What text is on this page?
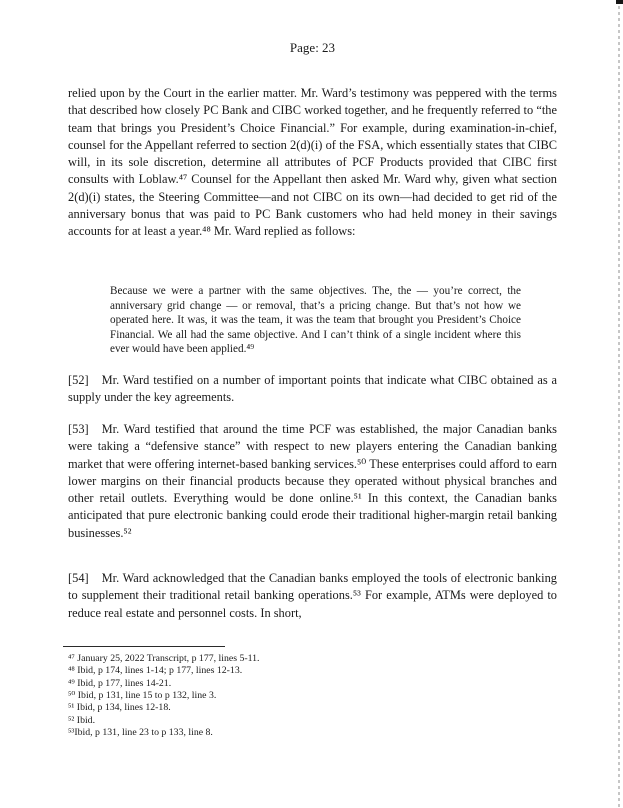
Page: 23
relied upon by the Court in the earlier matter. Mr. Ward’s testimony was peppered with the terms that described how closely PC Bank and CIBC worked together, and he frequently referred to “the team that brings you President’s Choice Financial.” For example, during examination-in-chief, counsel for the Appellant referred to section 2(d)(i) of the FSA, which essentially states that CIBC will, in its sole discretion, determine all attributes of PCF Products provided that CIBC first consults with Loblaw.⁴⁷ Counsel for the Appellant then asked Mr. Ward why, given what section 2(d)(i) states, the Steering Committee—and not CIBC on its own—had decided to get rid of the anniversary bonus that was paid to PC Bank customers who had held money in their savings accounts for at least a year.⁴⁸ Mr. Ward replied as follows:
Because we were a partner with the same objectives. The, the — you’re correct, the anniversary grid change — or removal, that’s a pricing change. But that’s not how we operated here. It was, it was the team, it was the team that brought you President’s Choice Financial. We all had the same objective. And I can’t think of a single incident where this ever would have been applied.⁴⁹
[52] Mr. Ward testified on a number of important points that indicate what CIBC obtained as a supply under the key agreements.
[53] Mr. Ward testified that around the time PCF was established, the major Canadian banks were taking a “defensive stance” with respect to new players entering the Canadian banking market that were offering internet-based banking services.⁵⁰ These enterprises could afford to earn lower margins on their financial products because they operated without physical branches and other retail outlets. Everything would be done online.⁵¹ In this context, the Canadian banks anticipated that pure electronic banking could erode their traditional higher-margin retail banking businesses.⁵²
[54] Mr. Ward acknowledged that the Canadian banks employed the tools of electronic banking to supplement their traditional retail banking operations.⁵³ For example, ATMs were deployed to reduce real estate and personnel costs. In short,
⁴⁷ January 25, 2022 Transcript, p 177, lines 5-11.
⁴⁸ Ibid, p 174, lines 1-14; p 177, lines 12-13.
⁴⁹ Ibid, p 177, lines 14-21.
⁵⁰ Ibid, p 131, line 15 to p 132, line 3.
⁵¹ Ibid, p 134, lines 12-18.
⁵² Ibid.
⁵³Ibid, p 131, line 23 to p 133, line 8.
